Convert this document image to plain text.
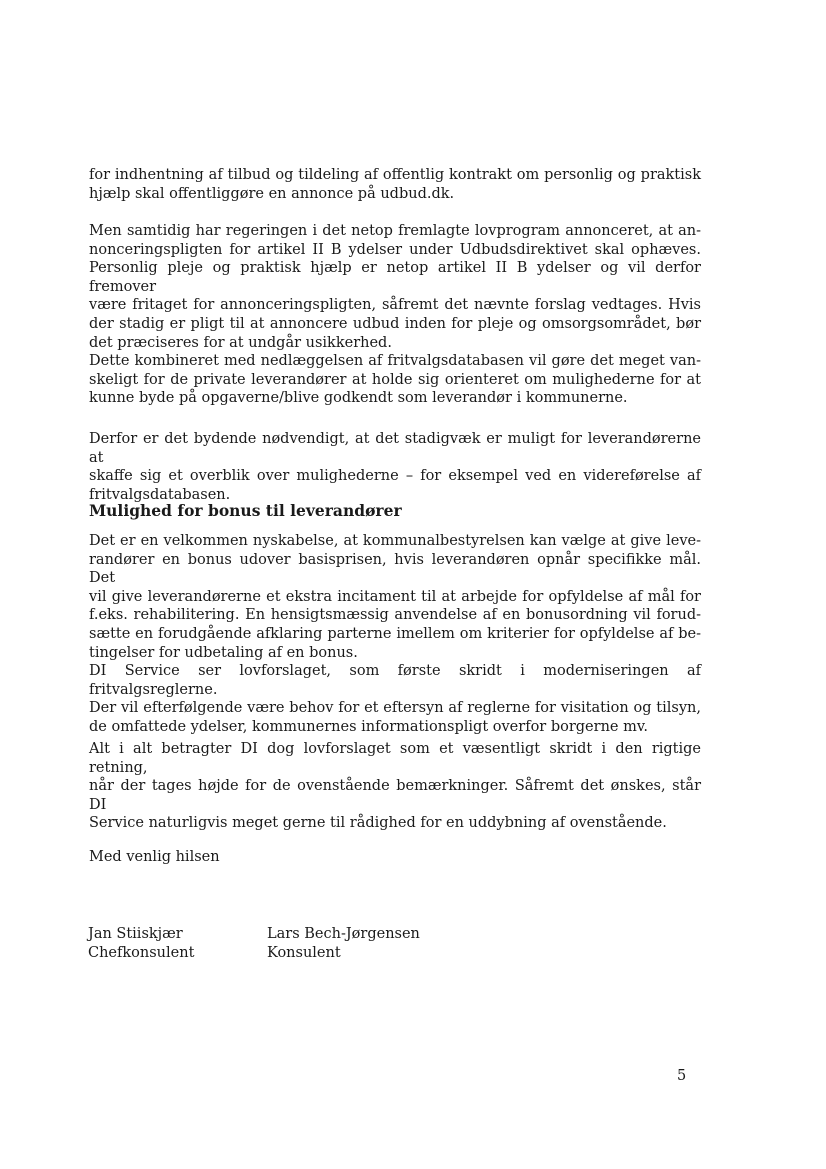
for indhentning af tilbud og tildeling af offentlig kontrakt om personlig og praktisk
hjælp skal offentliggøre en annonce på udbud.dk.
Men samtidig har regeringen i det netop fremlagte lovprogram annonceret, at an-
nonceringspligten for artikel II B ydelser under Udbudsdirektivet skal ophæves.
Personlig pleje og praktisk hjælp er netop artikel II B ydelser og vil derfor fremover
være fritaget for annonceringspligten, såfremt det nævnte forslag vedtages. Hvis
der stadig er pligt til at annoncere udbud inden for pleje og omsorgsområdet, bør
det præciseres for at undgår usikkerhed.
Dette kombineret med nedlæggelsen af fritvalgsdatabasen vil gøre det meget van-
skeligt for de private leverandører at holde sig orienteret om mulighederne for at
kunne byde på opgaverne/blive godkendt som leverandør i kommunerne.
Derfor er det bydende nødvendigt, at det stadigvæk er muligt for leverandørerne at
skaffe sig et overblik over mulighederne – for eksempel ved en videreførelse af
fritvalgsdatabasen.
Mulighed for bonus til leverandører
Det er en velkommen nyskabelse, at kommunalbestyrelsen kan vælge at give leve-
randører en bonus udover basisprisen, hvis leverandøren opnår specifikke mål. Det
vil give leverandørerne et ekstra incitament til at arbejde for opfyldelse af mål for
f.eks. rehabilitering. En hensigtsmæssig anvendelse af en bonusordning vil forud-
sætte en forudgående afklaring parterne imellem om kriterier for opfyldelse af be-
tingelser for udbetaling af en bonus.
DI Service ser lovforslaget, som første skridt i moderniseringen af fritvalgsreglerne.
Der vil efterfølgende være behov for et eftersyn af reglerne for visitation og tilsyn,
de omfattede ydelser, kommunernes informationspligt overfor borgerne mv.
Alt i alt betragter DI dog lovforslaget som et væsentligt skridt i den rigtige retning,
når der tages højde for de ovenstående bemærkninger. Såfremt det ønskes, står DI
Service naturligvis meget gerne til rådighed for en uddybning af ovenstående.

Med venlig hilsen

Jan Stiiskjær
Chefkonsulent
Lars Bech-Jørgensen
Konsulent
5
